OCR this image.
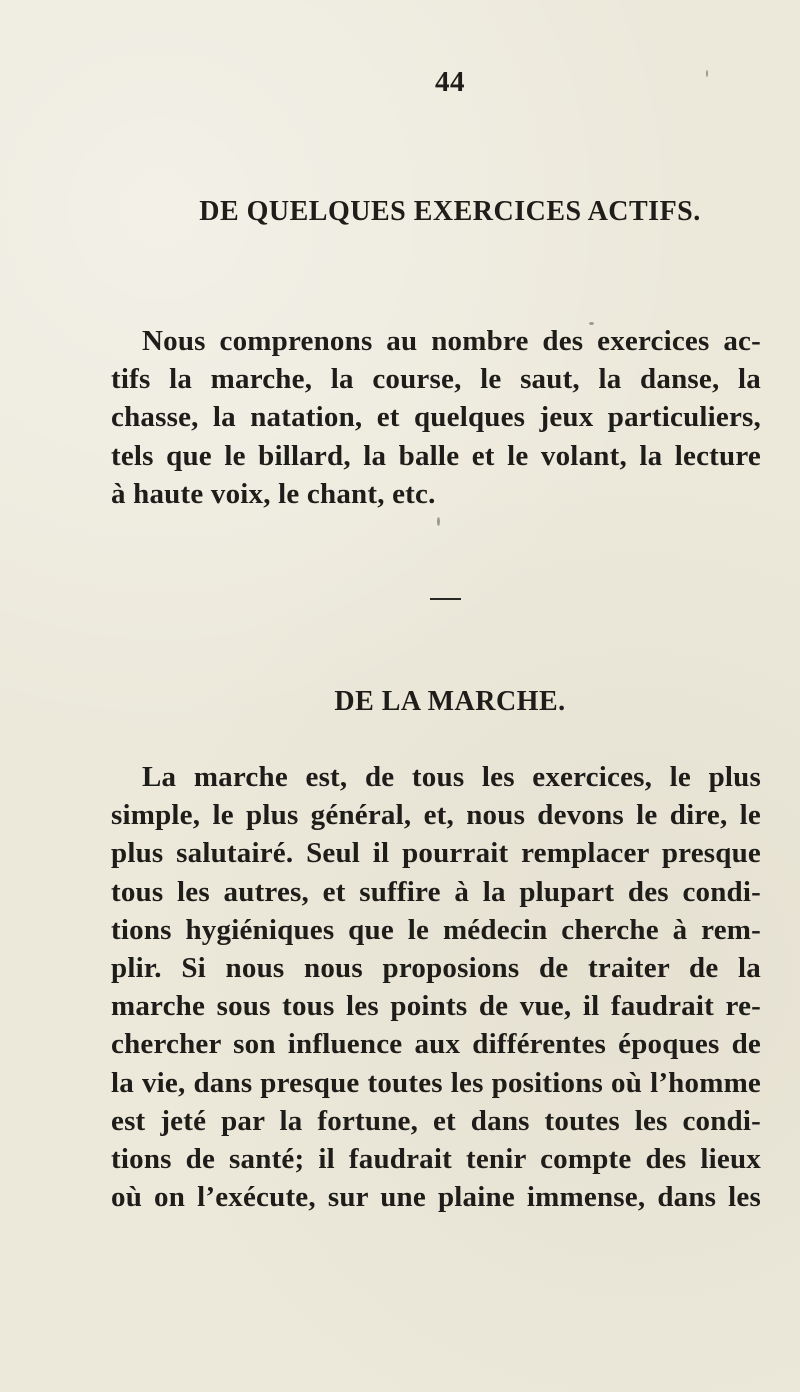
44
DE QUELQUES EXERCICES ACTIFS.
Nous comprenons au nombre des exercices ac-
tifs la marche, la course, le saut, la danse, la
chasse, la natation, et quelques jeux particuliers,
tels que le billard, la balle et le volant, la lecture
à haute voix, le chant, etc.
DE LA MARCHE.
La marche est, de tous les exercices, le plus
simple, le plus général, et, nous devons le dire, le
plus salutairé. Seul il pourrait remplacer presque
tous les autres, et suffire à la plupart des condi-
tions hygiéniques que le médecin cherche à rem-
plir. Si nous nous proposions de traiter de la
marche sous tous les points de vue, il faudrait re-
chercher son influence aux différentes époques de
la vie, dans presque toutes les positions où l’homme
est jeté par la fortune, et dans toutes les condi-
tions de santé; il faudrait tenir compte des lieux
où on l’exécute, sur une plaine immense, dans les
